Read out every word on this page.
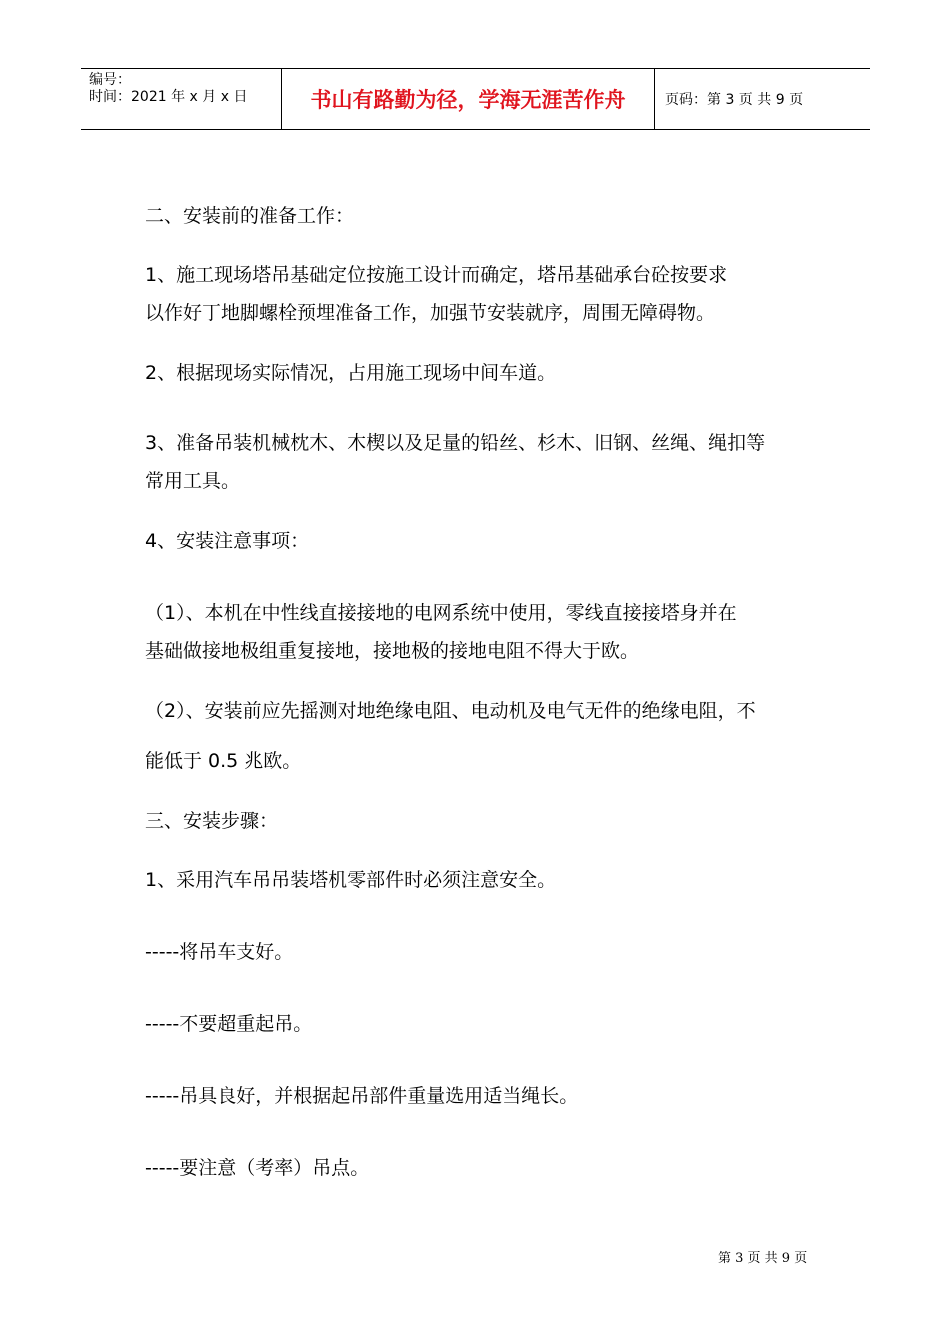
编号：
时间：2021 年 x 月 x 日	书山有路勤为径，学海无涯苦作舟	页码：第 3 页 共 9 页

二、安装前的准备工作：

1、施工现场塔吊基础定位按施工设计而确定，塔吊基础承台砼按要求

以作好丁地脚螺栓预埋准备工作，加强节安装就序，周围无障碍物。

2、根据现场实际情况，占用施工现场中间车道。

3、准备吊装机械枕木、木楔以及足量的铅丝、杉木、旧钢、丝绳、绳扣等

常用工具。

4、安装注意事项：

（1）、本机在中性线直接接地的电网系统中使用，零线直接接塔身并在

基础做接地极组重复接地，接地极的接地电阻不得大于欧。

（2）、安装前应先摇测对地绝缘电阻、电动机及电气无件的绝缘电阻，不

能低于 0.5 兆欧。

三、安装步骤：

1、采用汽车吊吊装塔机零部件时必须注意安全。

-----将吊车支好。

-----不要超重起吊。

-----吊具良好，并根据起吊部件重量选用适当绳长。

-----要注意（考率）吊点。

第 3 页 共 9 页
